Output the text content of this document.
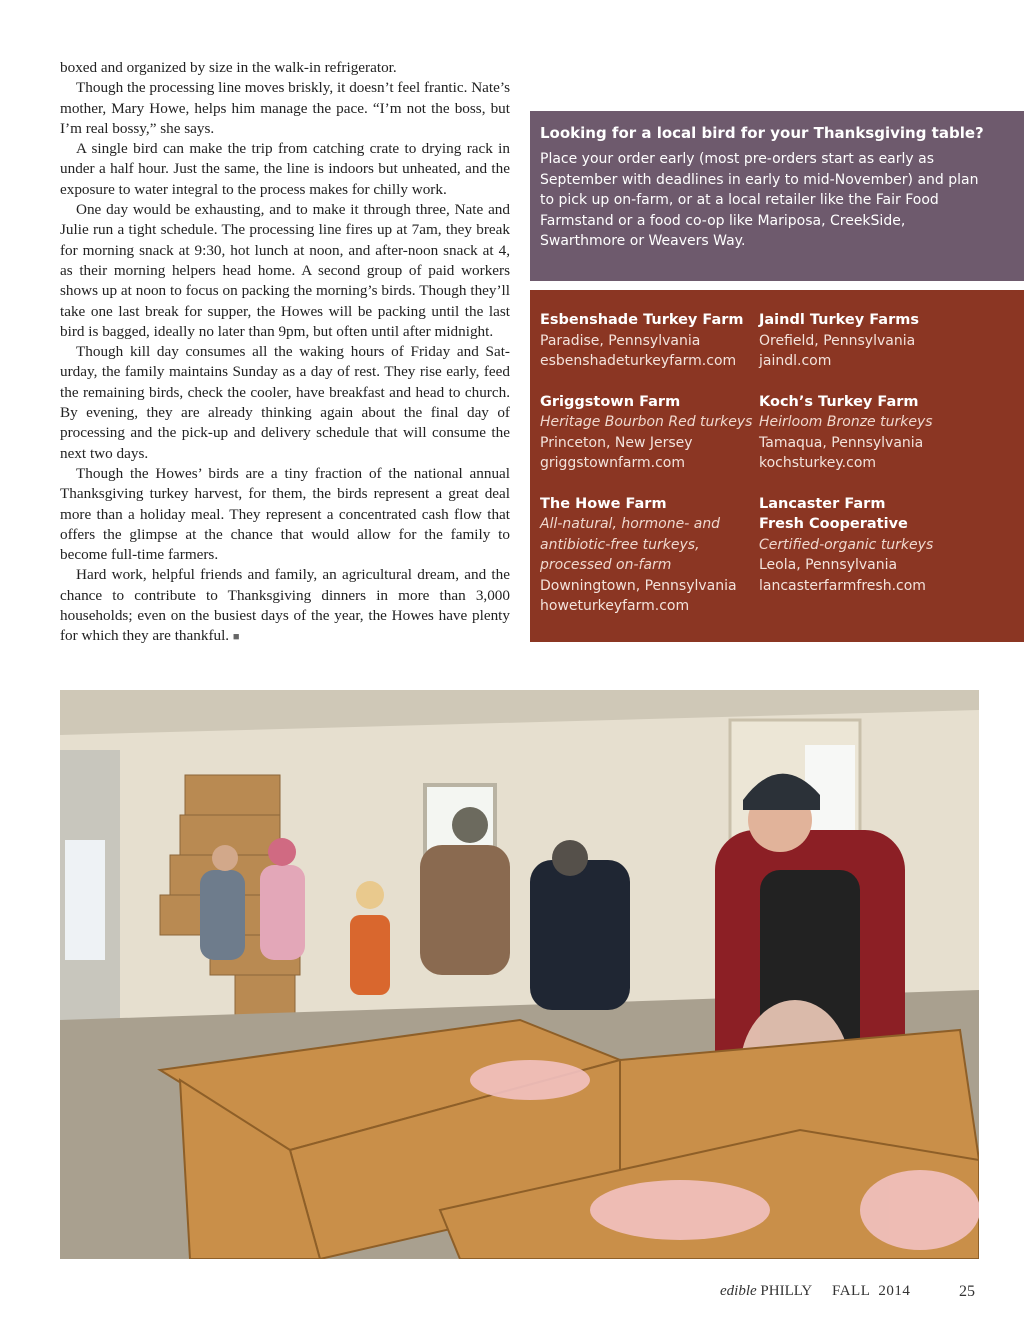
boxed and organized by size in the walk-in refrigerator.

Though the processing line moves briskly, it doesn’t feel frantic. Nate’s mother, Mary Howe, helps him manage the pace. “I’m not the boss, but I’m real bossy,” she says.

A single bird can make the trip from catching crate to drying rack in under a half hour. Just the same, the line is indoors but unheated, and the exposure to water integral to the process makes for chilly work.

One day would be exhausting, and to make it through three, Nate and Julie run a tight schedule. The processing line fires up at 7am, they break for morning snack at 9:30, hot lunch at noon, and after-noon snack at 4, as their morning helpers head home. A second group of paid workers shows up at noon to focus on packing the morning’s birds. Though they’ll take one last break for supper, the Howes will be packing until the last bird is bagged, ideally no later than 9pm, but often until after midnight.

Though kill day consumes all the waking hours of Friday and Sat-urday, the family maintains Sunday as a day of rest. They rise early, feed the remaining birds, check the cooler, have breakfast and head to church. By evening, they are already thinking again about the final day of processing and the pick-up and delivery schedule that will consume the next two days.

Though the Howes’ birds are a tiny fraction of the national annual Thanksgiving turkey harvest, for them, the birds represent a great deal more than a holiday meal. They represent a concentrated cash flow that offers the glimpse at the chance that would allow for the family to become full-time farmers.

Hard work, helpful friends and family, an agricultural dream, and the chance to contribute to Thanksgiving dinners in more than 3,000 households; even on the busiest days of the year, the Howes have plenty for which they are thankful. ■

Looking for a local bird for your Thanksgiving table?

Place your order early (most pre-orders start as early as September with deadlines in early to mid-November) and plan to pick up on-farm, or at a local retailer like the Fair Food Farmstand or a food co-op like Mariposa, CreekSide, Swarthmore or Weavers Way.

Esbenshade Turkey Farm
Paradise, Pennsylvania
esbenshadeturkeyfarm.com
Jaindl Turkey Farms
Orefield, Pennsylvania
jaindl.com
Griggstown Farm
Heritage Bourbon Red turkeys
Princeton, New Jersey
griggstownfarm.com
Koch’s Turkey Farm
Heirloom Bronze turkeys
Tamaqua, Pennsylvania
kochsturkey.com
The Howe Farm
All-natural, hormone- and
antibiotic-free turkeys,
processed on-farm
Downingtown, Pennsylvania
howeturkeyfarm.com
Lancaster Farm
Fresh Cooperative
Certified-organic turkeys
Leola, Pennsylvania
lancasterfarmfresh.com
edible PHILLY FALL  2014	25
